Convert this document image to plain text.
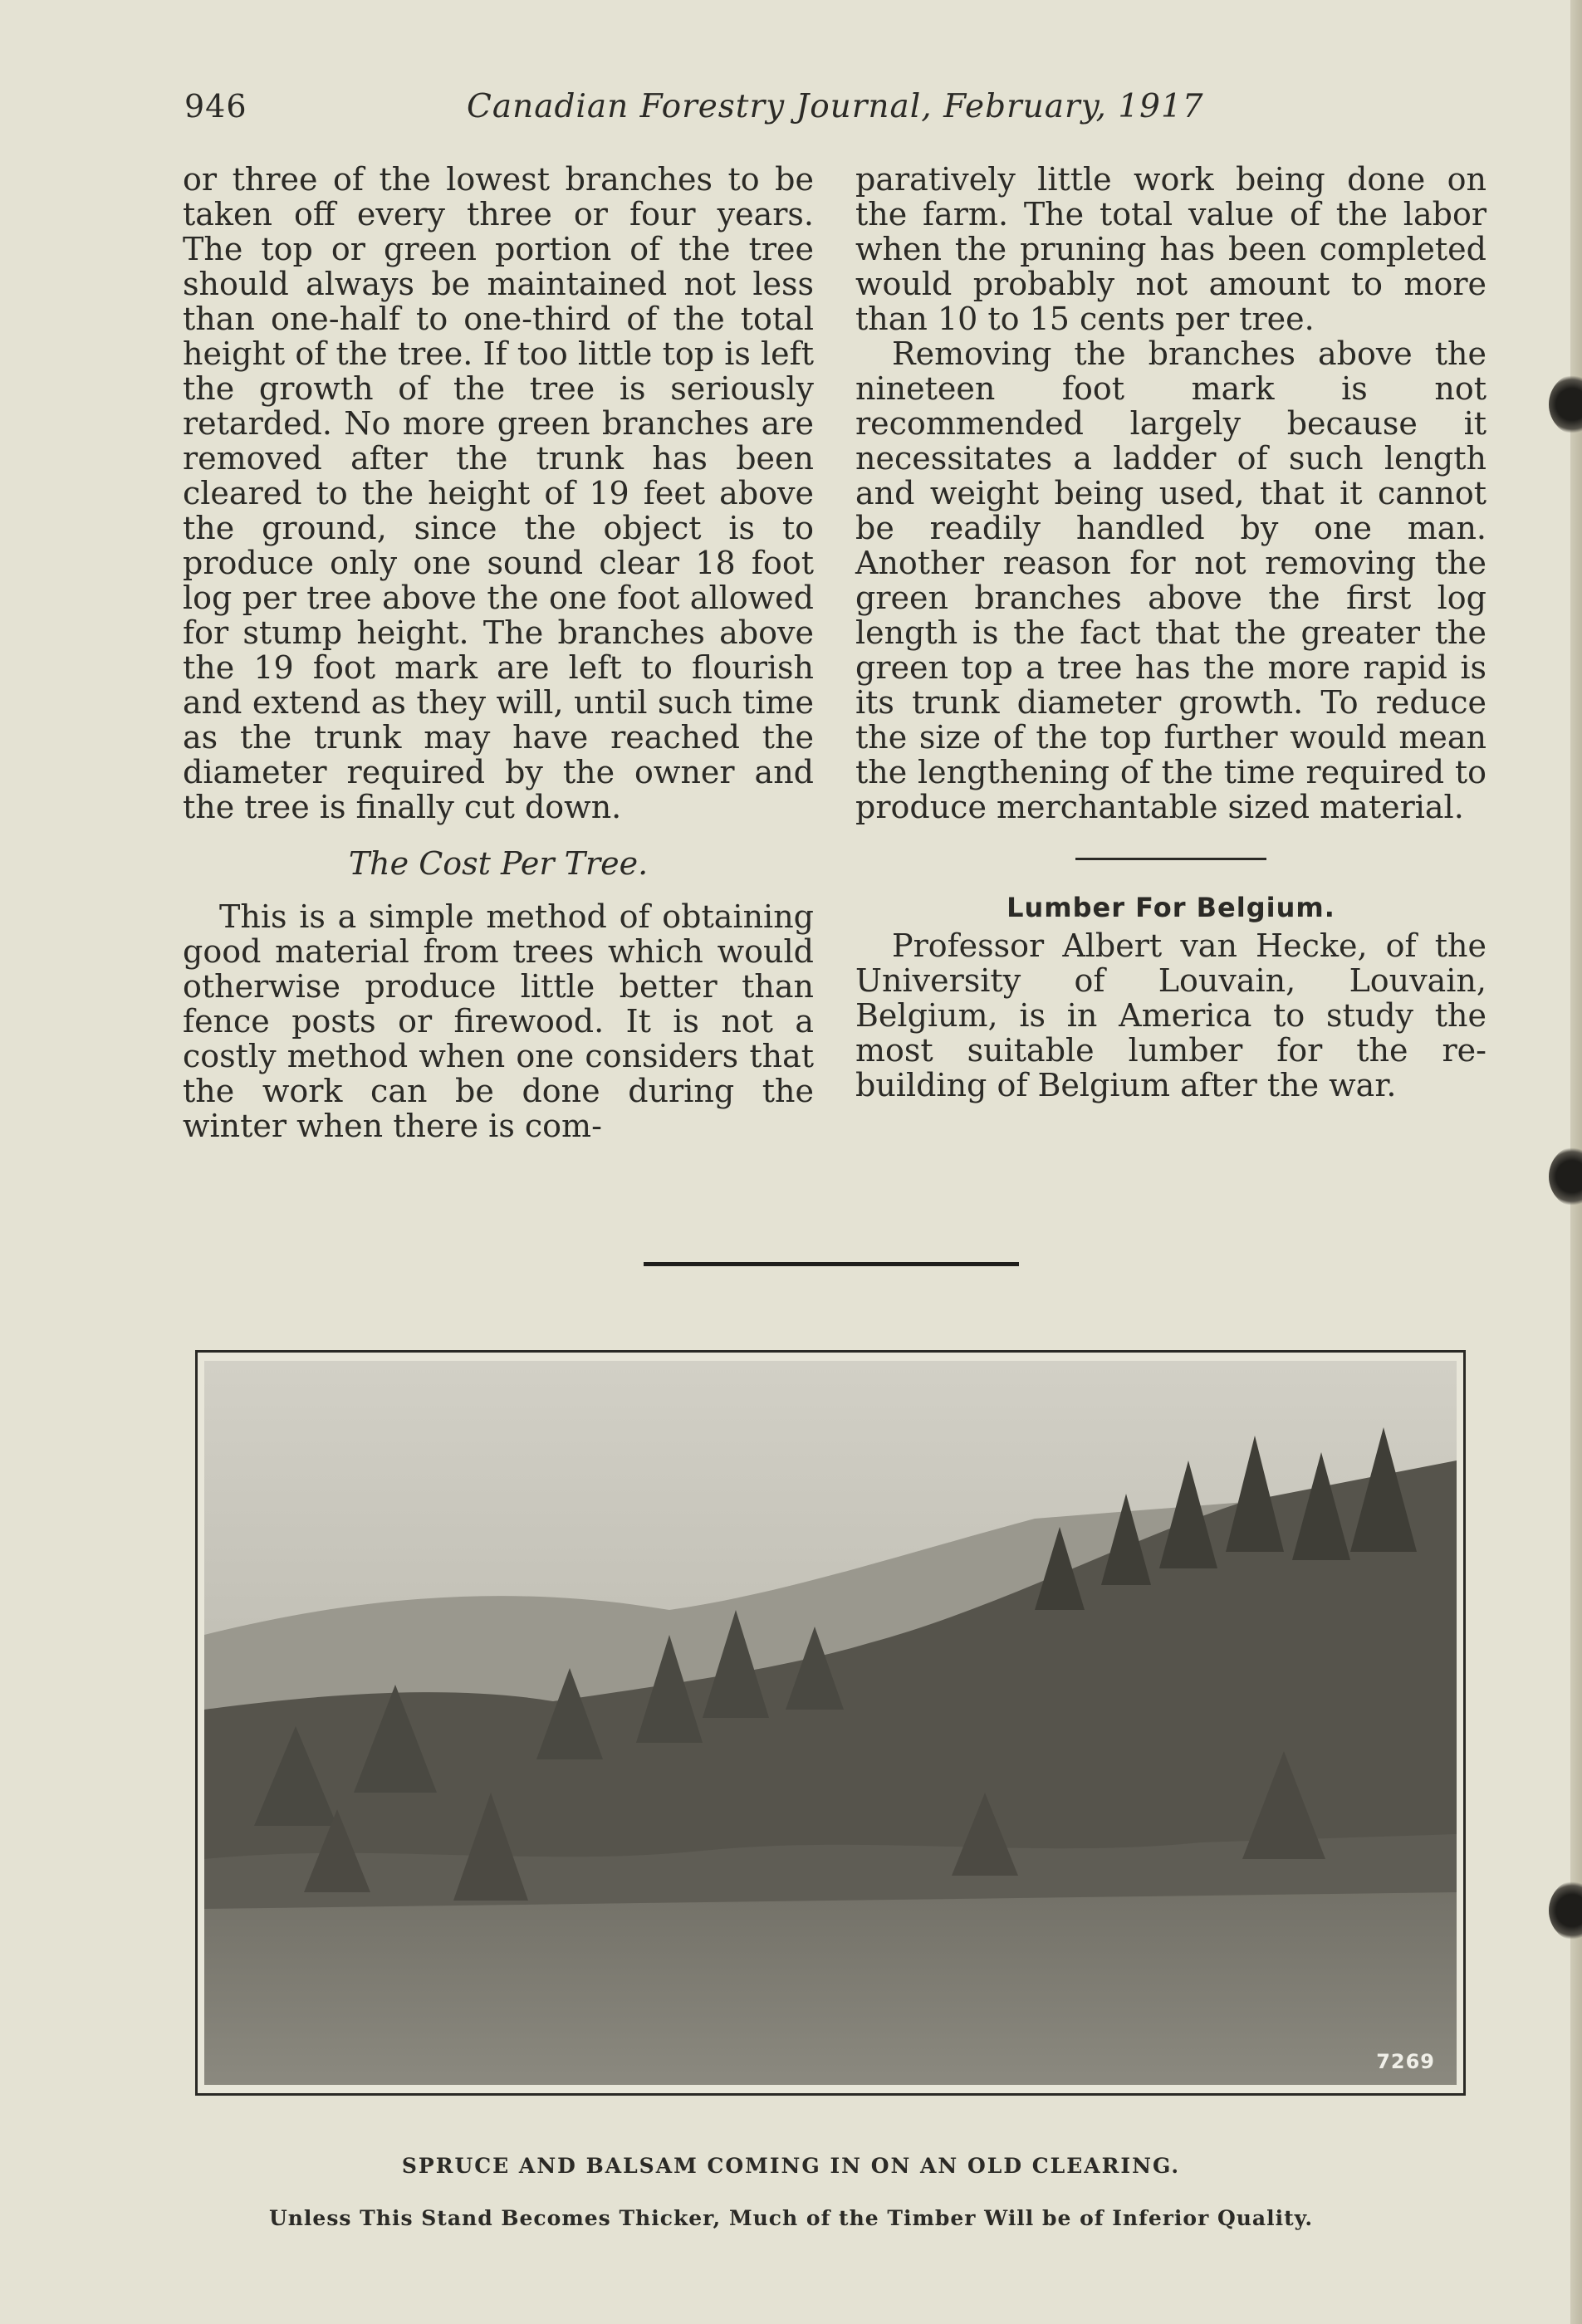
946	Canadian Forestry Journal, February, 1917

or three of the lowest branches to be taken off every three or four years. The top or green portion of the tree should always be maintained not less than one-half to one-third of the total height of the tree. If too little top is left the growth of the tree is seriously retarded. No more green branches are removed after the trunk has been cleared to the height of 19 feet above the ground, since the object is to produce only one sound clear 18 foot log per tree above the one foot allowed for stump height. The branches above the 19 foot mark are left to flourish and extend as they will, until such time as the trunk may have reached the diameter required by the owner and the tree is finally cut down.

The Cost Per Tree.

This is a simple method of obtaining good material from trees which would otherwise produce little better than fence posts or firewood. It is not a costly method when one considers that the work can be done during the winter when there is com-

paratively little work being done on the farm. The total value of the labor when the pruning has been completed would probably not amount to more than 10 to 15 cents per tree.

Removing the branches above the nineteen foot mark is not recommended largely because it necessitates a ladder of such length and weight being used, that it cannot be readily handled by one man. Another reason for not removing the green branches above the first log length is the fact that the greater the green top a tree has the more rapid is its trunk diameter growth. To reduce the size of the top further would mean the lengthening of the time required to produce merchantable sized material.

Lumber For Belgium.

Professor Albert van Hecke, of the University of Louvain, Louvain, Belgium, is in America to study the most suitable lumber for the re-building of Belgium after the war.

7269
SPRUCE AND BALSAM COMING IN ON AN OLD CLEARING.
Unless This Stand Becomes Thicker, Much of the Timber Will be of Inferior Quality.
